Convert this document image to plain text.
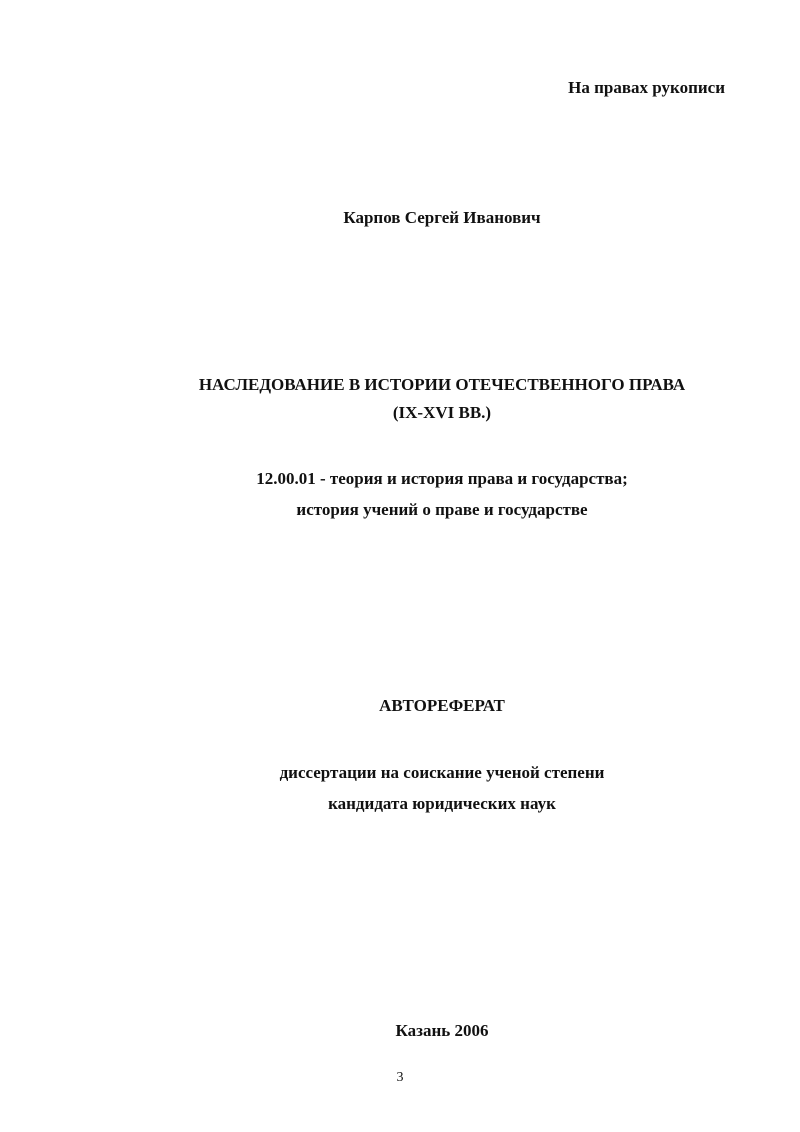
На правах рукописи
Карпов Сергей Иванович
НАСЛЕДОВАНИЕ В ИСТОРИИ ОТЕЧЕСТВЕННОГО ПРАВА
(IX-XVI ВВ.)
12.00.01 - теория и история права и государства;
история учений о праве и государстве
АВТОРЕФЕРАТ
диссертации на соискание ученой степени
кандидата юридических наук
Казань 2006
3
